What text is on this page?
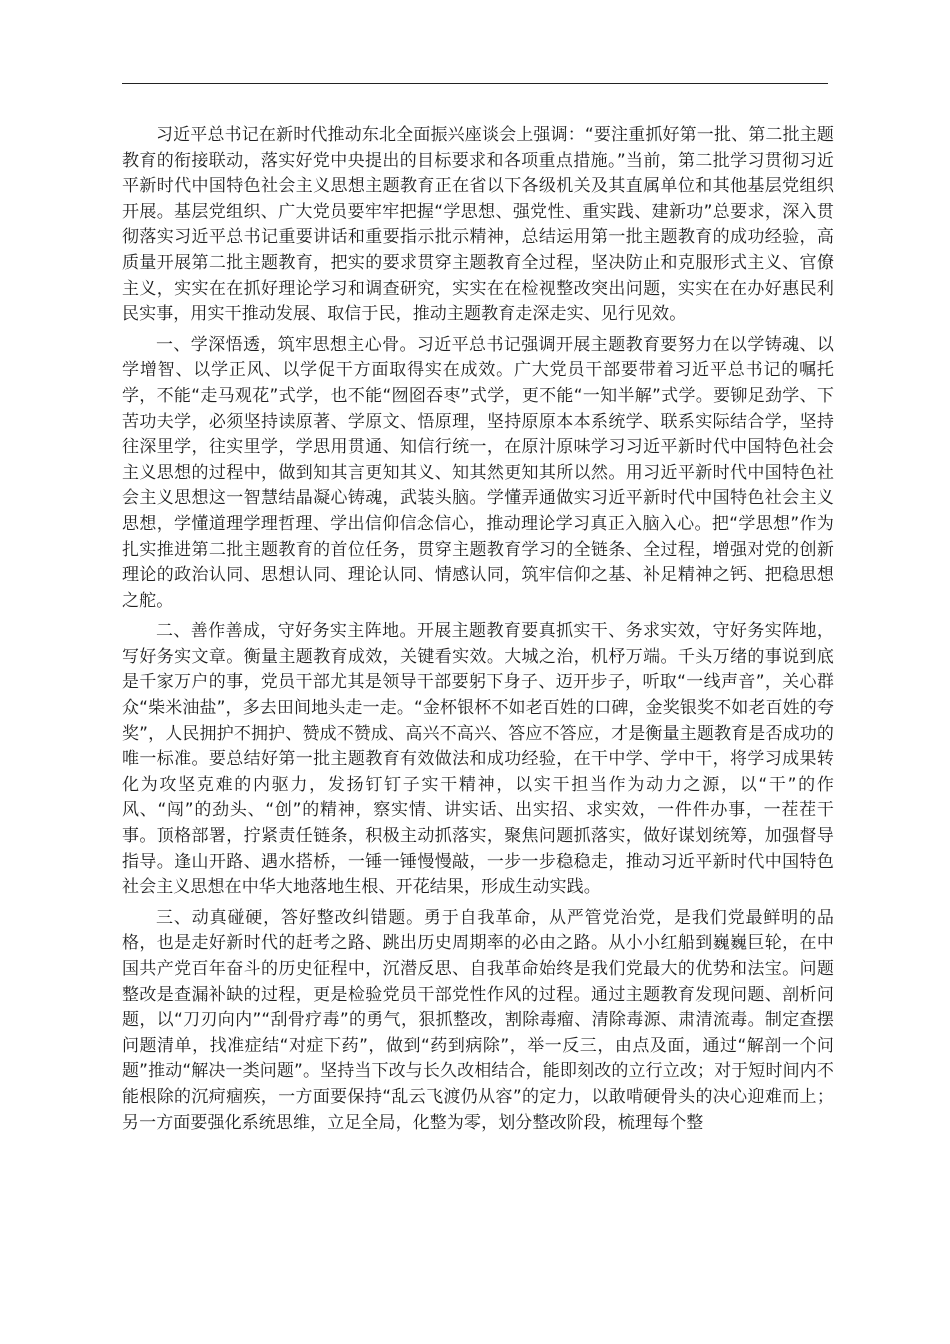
习近平总书记在新时代推动东北全面振兴座谈会上强调：“要注重抓好第一批、第二批主题教育的衔接联动，落实好党中央提出的目标要求和各项重点措施。”当前，第二批学习贯彻习近平新时代中国特色社会主义思想主题教育正在省以下各级机关及其直属单位和其他基层党组织开展。基层党组织、广大党员要牢牢把握“学思想、强党性、重实践、建新功”总要求，深入贯彻落实习近平总书记重要讲话和重要指示批示精神，总结运用第一批主题教育的成功经验，高质量开展第二批主题教育，把实的要求贯穿主题教育全过程，坚决防止和克服形式主义、官僚主义，实实在在抓好理论学习和调查研究，实实在在检视整改突出问题，实实在在办好惠民利民实事，用实干推动发展、取信于民，推动主题教育走深走实、见行见效。

一、学深悟透，筑牢思想主心骨。习近平总书记强调开展主题教育要努力在以学铸魂、以学增智、以学正风、以学促干方面取得实在成效。广大党员干部要带着习近平总书记的嘱托学，不能“走马观花”式学，也不能“囫囵吞枣”式学，更不能“一知半解”式学。要铆足劲学、下苦功夫学，必须坚持读原著、学原文、悟原理，坚持原原本本系统学、联系实际结合学，坚持往深里学，往实里学，学思用贯通、知信行统一，在原汁原味学习习近平新时代中国特色社会主义思想的过程中，做到知其言更知其义、知其然更知其所以然。用习近平新时代中国特色社会主义思想这一智慧结晶凝心铸魂，武装头脑。学懂弄通做实习近平新时代中国特色社会主义思想，学懂道理学理哲理、学出信仰信念信心，推动理论学习真正入脑入心。把“学思想”作为扎实推进第二批主题教育的首位任务，贯穿主题教育学习的全链条、全过程，增强对党的创新理论的政治认同、思想认同、理论认同、情感认同，筑牢信仰之基、补足精神之钙、把稳思想之舵。

二、善作善成，守好务实主阵地。开展主题教育要真抓实干、务求实效，守好务实阵地，写好务实文章。衡量主题教育成效，关键看实效。大城之治，机杼万端。千头万绪的事说到底是千家万户的事，党员干部尤其是领导干部要躬下身子、迈开步子，听取“一线声音”，关心群众“柴米油盐”，多去田间地头走一走。“金杯银杯不如老百姓的口碑，金奖银奖不如老百姓的夸奖”，人民拥护不拥护、赞成不赞成、高兴不高兴、答应不答应，才是衡量主题教育是否成功的唯一标准。要总结好第一批主题教育有效做法和成功经验，在干中学、学中干，将学习成果转化为攻坚克难的内驱力，发扬钉钉子实干精神，以实干担当作为动力之源，以“干”的作风、“闯”的劲头、“创”的精神，察实情、讲实话、出实招、求实效，一件件办事，一茬茬干事。顶格部署，拧紧责任链条，积极主动抓落实，聚焦问题抓落实，做好谋划统筹，加强督导指导。逢山开路、遇水搭桥，一锤一锤慢慢敲，一步一步稳稳走，推动习近平新时代中国特色社会主义思想在中华大地落地生根、开花结果，形成生动实践。

三、动真碰硬，答好整改纠错题。勇于自我革命，从严管党治党，是我们党最鲜明的品格，也是走好新时代的赶考之路、跳出历史周期率的必由之路。从小小红船到巍巍巨轮，在中国共产党百年奋斗的历史征程中，沉潜反思、自我革命始终是我们党最大的优势和法宝。问题整改是查漏补缺的过程，更是检验党员干部党性作风的过程。通过主题教育发现问题、剖析问题，以“刀刃向内”“刮骨疗毒”的勇气，狠抓整改，割除毒瘤、清除毒源、肃清流毒。制定查摆问题清单，找准症结“对症下药”，做到“药到病除”，举一反三，由点及面，通过“解剖一个问题”推动“解决一类问题”。坚持当下改与长久改相结合，能即刻改的立行立改；对于短时间内不能根除的沉疴痼疾，一方面要保持“乱云飞渡仍从容”的定力，以敢啃硬骨头的决心迎难而上；另一方面要强化系统思维，立足全局，化整为零，划分整改阶段，梳理每个整
